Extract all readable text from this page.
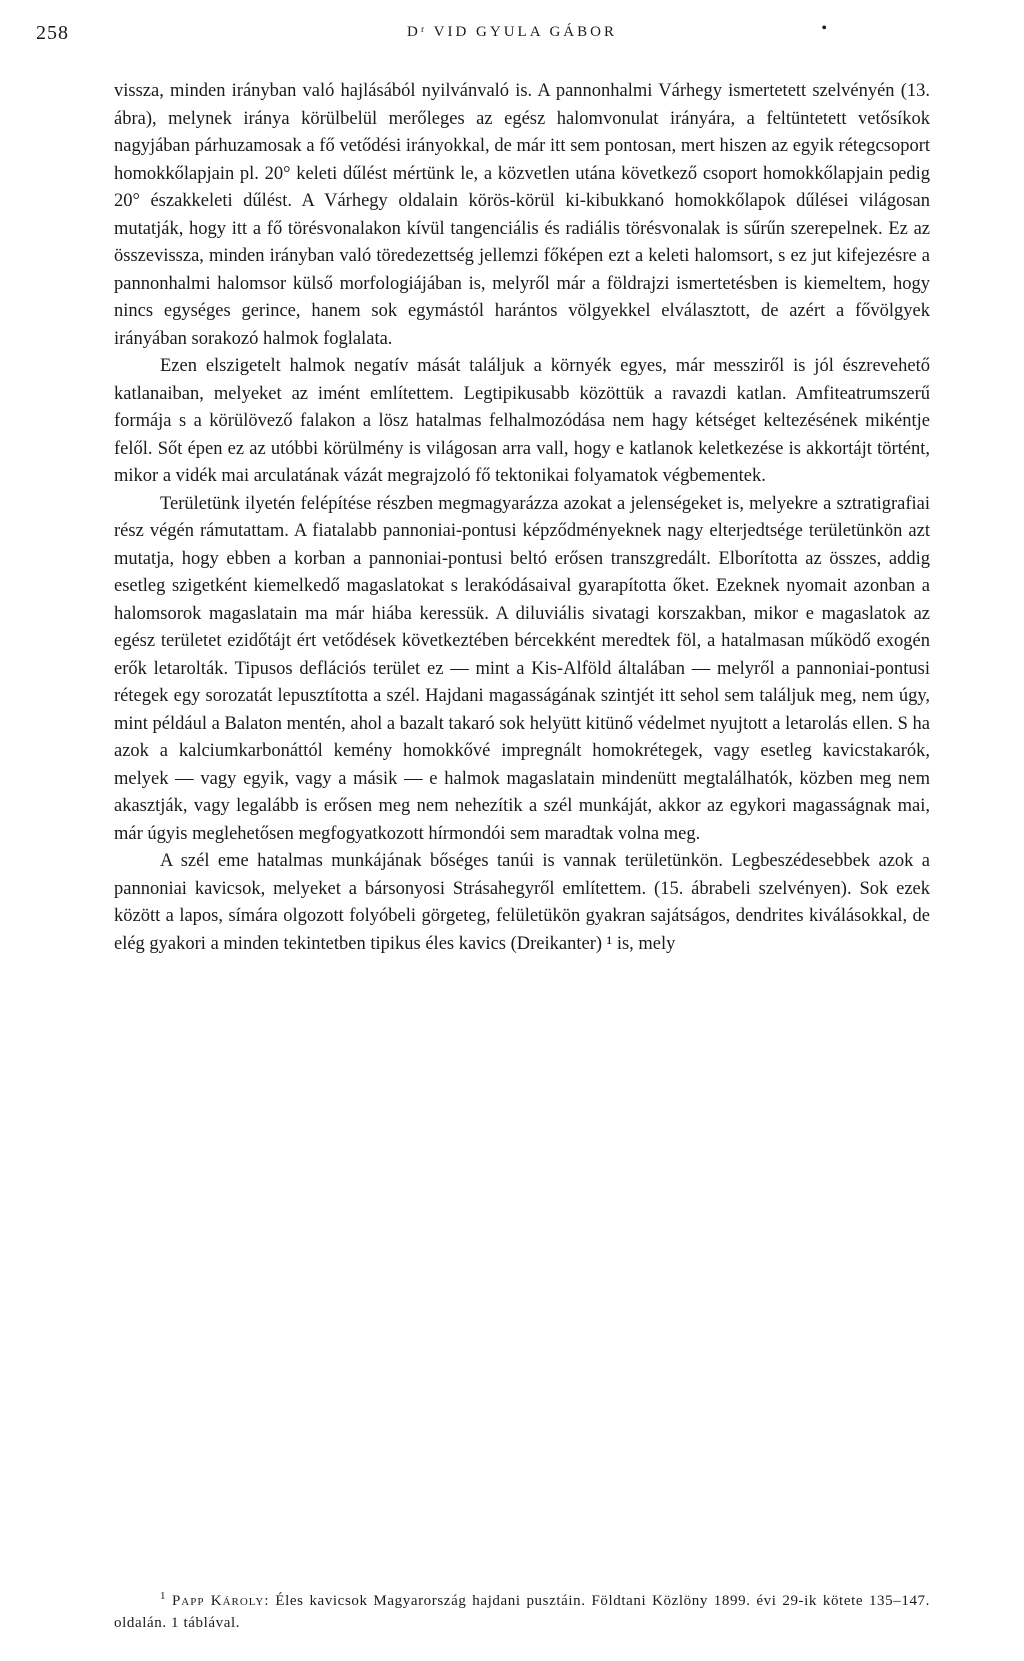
258	Dʳ VID GYULA GÁBOR	•

vissza, minden irányban való hajlásából nyilvánvaló is. A pannonhalmi Várhegy ismertetett szelvényén (13. ábra), melynek iránya körülbelül merőleges az egész halomvonulat irányára, a feltüntetett vetősíkok nagyjában párhuzamosak a fő vetődési irányokkal, de már itt sem pontosan, mert hiszen az egyik rétegcsoport homokkőlapjain pl. 20° keleti dűlést mértünk le, a közvetlen utána következő csoport homokkőlapjain pedig 20° északkeleti dűlést. A Várhegy oldalain körös-körül ki-kibukkanó homokkőlapok dűlései világosan mutatják, hogy itt a fő törésvonalakon kívül tangenciális és radiális törésvonalak is sűrűn szerepelnek. Ez az összevissza, minden irányban való töredezettség jellemzi főképen ezt a keleti halomsort, s ez jut kifejezésre a pannonhalmi halomsor külső morfologiájában is, melyről már a földrajzi ismertetésben is kiemeltem, hogy nincs egységes gerince, hanem sok egymástól harántos völgyekkel elválasztott, de azért a fővölgyek irányában sorakozó halmok foglalata.

Ezen elszigetelt halmok negatív mását találjuk a környék egyes, már messziről is jól észrevehető katlanaiban, melyeket az imént említettem. Legtipikusabb közöttük a ravazdi katlan. Amfiteatrumszerű formája s a körülövező falakon a lösz hatalmas felhalmozódása nem hagy kétséget keltezésének mikéntje felől. Sőt épen ez az utóbbi körülmény is világosan arra vall, hogy e katlanok keletkezése is akkortájt történt, mikor a vidék mai arculatának vázát megrajzoló fő tektonikai folyamatok végbementek.

Területünk ilyetén felépítése részben megmagyarázza azokat a jelenségeket is, melyekre a sztratigrafiai rész végén rámutattam. A fiatalabb pannoniai-pontusi képződményeknek nagy elterjedtsége területünkön azt mutatja, hogy ebben a korban a pannoniai-pontusi beltó erősen transzgredált. Elborította az összes, addig esetleg szigetként kiemelkedő magaslatokat s lerakódásaival gyarapította őket. Ezeknek nyomait azonban a halomsorok magaslatain ma már hiába keressük. A diluviális sivatagi korszakban, mikor e magaslatok az egész területet ezidőtájt ért vetődések következtében bércekként meredtek föl, a hatalmasan működő exogén erők letarolták. Tipusos deflációs terület ez — mint a Kis-Alföld általában — melyről a pannoniai-pontusi rétegek egy sorozatát lepusztította a szél. Hajdani magasságának szintjét itt sehol sem találjuk meg, nem úgy, mint például a Balaton mentén, ahol a bazalt takaró sok helyütt kitünő védelmet nyujtott a letarolás ellen. S ha azok a kalciumkarbonáttól kemény homokkővé impregnált homokrétegek, vagy esetleg kavicstakarók, melyek — vagy egyik, vagy a másik — e halmok magaslatain mindenütt megtalálhatók, közben meg nem akasztják, vagy legalább is erősen meg nem nehezítik a szél munkáját, akkor az egykori magasságnak mai, már úgyis meglehetősen megfogyatkozott hírmondói sem maradtak volna meg.

A szél eme hatalmas munkájának bőséges tanúi is vannak területünkön. Legbeszédesebbek azok a pannoniai kavicsok, melyeket a bársonyosi Strásahegyről említettem. (15. ábrabeli szelvényen). Sok ezek között a lapos, símára olgozott folyóbeli görgeteg, felületükön gyakran sajátságos, dendrites kiválásokkal, de elég gyakori a minden tekintetben tipikus éles kavics (Dreikanter) ¹ is, mely

$^1$ Papp Károly: Éles kavicsok Magyarország hajdani pusztáin. Földtani Közlöny 1899. évi 29-ik kötete 135–147. oldalán. 1 táblával.
